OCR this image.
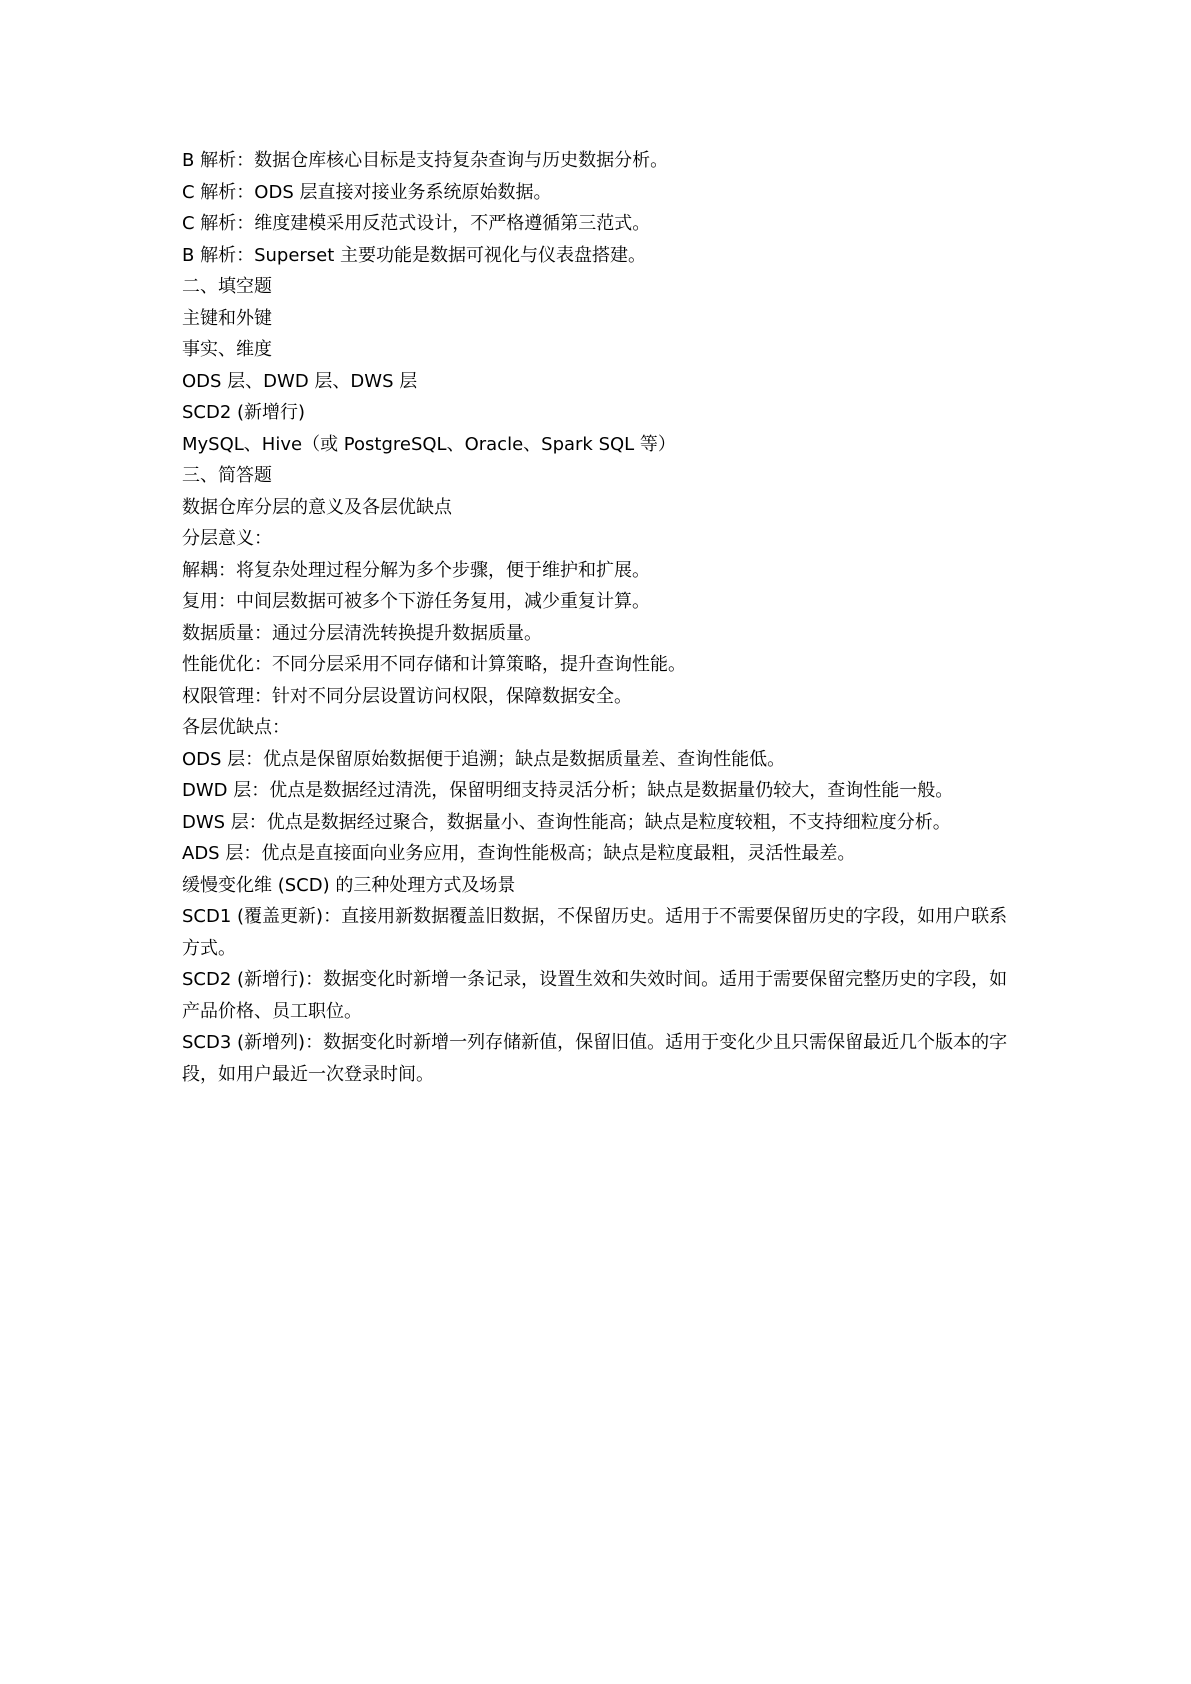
B 解析：数据仓库核心目标是支持复杂查询与历史数据分析。

C 解析：ODS 层直接对接业务系统原始数据。

C 解析：维度建模采用反范式设计，不严格遵循第三范式。

B 解析：Superset 主要功能是数据可视化与仪表盘搭建。

二、填空题

主键和外键

事实、维度

ODS 层、DWD 层、DWS 层

SCD2 (新增行)

MySQL、Hive（或 PostgreSQL、Oracle、Spark SQL 等）

三、简答题

数据仓库分层的意义及各层优缺点

分层意义：

解耦：将复杂处理过程分解为多个步骤，便于维护和扩展。

复用：中间层数据可被多个下游任务复用，减少重复计算。

数据质量：通过分层清洗转换提升数据质量。

性能优化：不同分层采用不同存储和计算策略，提升查询性能。

权限管理：针对不同分层设置访问权限，保障数据安全。

各层优缺点：

ODS 层：优点是保留原始数据便于追溯；缺点是数据质量差、查询性能低。

DWD 层：优点是数据经过清洗，保留明细支持灵活分析；缺点是数据量仍较大，查询性能一般。

DWS 层：优点是数据经过聚合，数据量小、查询性能高；缺点是粒度较粗，不支持细粒度分析。

ADS 层：优点是直接面向业务应用，查询性能极高；缺点是粒度最粗，灵活性最差。

缓慢变化维 (SCD) 的三种处理方式及场景

SCD1 (覆盖更新)：直接用新数据覆盖旧数据，不保留历史。适用于不需要保留历史的字段，如用户联系方式。

SCD2 (新增行)：数据变化时新增一条记录，设置生效和失效时间。适用于需要保留完整历史的字段，如产品价格、员工职位。

SCD3 (新增列)：数据变化时新增一列存储新值，保留旧值。适用于变化少且只需保留最近几个版本的字段，如用户最近一次登录时间。
